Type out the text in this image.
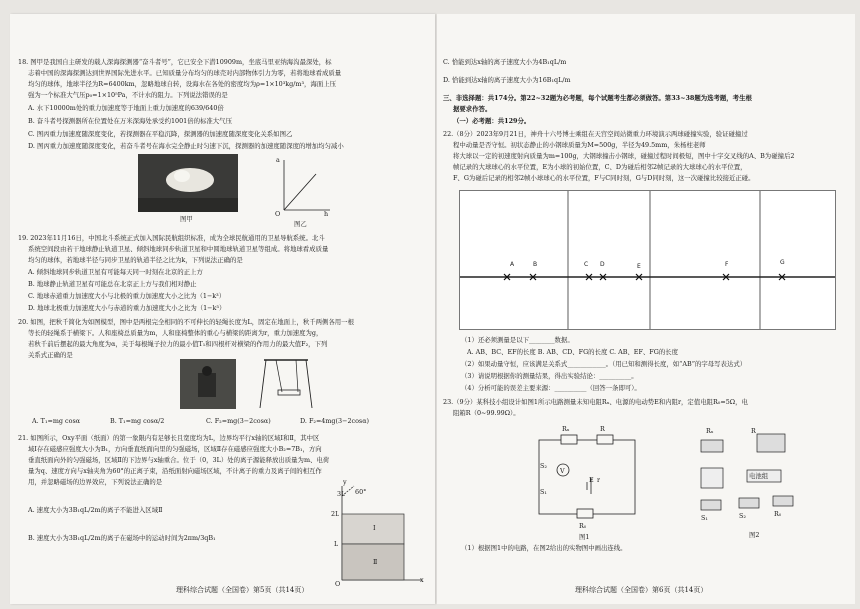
18. 图甲是我国自主研发的载人深海探测器“奋斗者号”，它已安全下潜10909m，坐底马里亚纳海沟最深处，标
志着中国的深海探测达到世界国际先进水平。已知质量分布均匀的球壳对内部物体引力为零，若将地球看成质量
均匀的球体，地球半径为R=6400km，忽略地球自转，设海水在各处的密度均为ρ=1×10³kg/m³，海面上压
强为一个标准大气压p₀=1×10⁵Pa，不计水的阻力。下列说法错误的是
A. 水下10000m处的重力加速度等于地面上重力加速度的639/640倍
B. 奋斗者号探测器所在位置处在万米深海处承受约1001倍的标准大气压
C. 图丙重力加速度随深度变化，若探测器在平稳沉降，探测器的加速度随深度变化关系如图乙
D. 图丙重力加速度随深度变化，若奋斗者号在海水完全静止时匀速下沉，探测器的加速度随深度的增加均匀减小
图甲
a
O	h
图乙
19. 2023年11月16日，中国北斗系统正式加入国际民航组织标准，成为全球民航通用的卫星导航系统。北斗
系统空间段由若干地球静止轨道卫星、倾斜地球同步轨道卫星和中圆地球轨道卫星等组成。将地球看成质量
均匀的球体，若地球半径与同步卫星的轨道半径之比为k，下列说法正确的是
A. 倾斜地球同步轨道卫星有可能每天同一时刻在北京的正上方
B. 地球静止轨道卫星有可能总在北京正上方与我们相对静止
C. 地球赤道重力加速度大小与北极的重力加速度大小之比为（1−k³）
D. 地球北极重力加速度大小与赤道的重力加速度大小之比为（1−k³）
20. 如图，把秋千简化为如图模型，图中是两根完全相同的不可伸长的轻绳长度为L，固定在地面上，秋千两侧各用一根
等长的轻绳系于横梁下。人和座椅总质量为m，人和座椅整体的重心与横梁的距离为r，重力加速度为g，
若秋千前后摆起的最大角度为α，关于每根绳子拉力的最小值T₁和四根杆对横梁的作用力的最大值F₂，下列
关系式正确的是
A. T₁=mg cosα	B. T₁=mg cosα/2	C. F₂=mg(3−2cosα)	D. F₂=4mg(3−2cosα)
21. 如图所示，Oxy平面（纸面）的第一象限内有足够长且宽度均为L，边界均平行x轴的区域Ⅰ和Ⅱ，其中区
域Ⅰ存在磁感应强度大小为B₁，方向垂直纸面向里的匀强磁场，区域Ⅱ存在磁感应强度大小B₂=7B₁，方向
垂直纸面向外的匀强磁场，区域Ⅱ的下边界与x轴重合。位于（0，3L）处的离子源能释放出质量为m、电荷
量为q、速度方向与x轴夹角为60°的正离子束，沿纸面射向磁场区域，不计离子的重力及离子间的相互作
用，并忽略磁场的边界效应，下列说法正确的是
A. 速度大小为3B₁qL/2m的离子不能进入区域Ⅱ
B. 速度大小为3B₁qL/2m的离子在磁场中的运动时间为2πm/3qB₁
3L 60°
2L
L
Ⅰ
Ⅱ
O	x
y
理科综合试题（全国卷）第5页（共14页）
C. 恰能到达x轴的离子速度大小为4B₁qL/m
D. 恰能到达x轴的离子速度大小为16B₁qL/m
三、非选择题：共174分。第22~32题为必考题，每个试题考生都必须做答。第33~38题为选考题，考生根
据要求作答。
（一）必考题：共129分。
22.（8分）2023年9月21日，神舟十六号博士乘组在天宫空间站微重力环境演示两球碰撞实验，验证碰撞过
程中动量是否守恒。初状态静止的小钢球质量为M=500g，半径为49.5mm，朱杨柱老师
将大球以一定的初速度射向质量为m=100g，大钢球撞击小钢球，碰撞过程时间极短，图中十字交叉线的A、B为碰撞后2
帧记录的大球球心的水平位置，E为小球的初始位置，C、D为碰后相邻2帧记录的大球球心的水平位置，
F、G为碰后记录的相邻2帧小球球心的水平位置，F与C同时刻，G与D同时刻，这一次碰撞比较接近正碰。
A	B	C D	E	F	G
（1）还必须测量是以下________数据。
A. AB、BC、EF的长度 B. AB、CD、FG的长度 C. AB、EF、FG的长度
（2）如果动量守恒，应该满足关系式____________。（用已知和测得长度，如“AB”的字母写表达式）
（3）请说明根据你的测量结果，得出实验结论：__________。
（4）分析可能的误差主要来源：__________（回答一条即可）。
23.（9分）某科技小组设计如图1所示电路测量未知电阻Rₓ、电源的电动势E和内阻r，定值电阻R₀=5Ω，电
阻箱R（0~99.99Ω）。
Rₓ	R
V
E r
S₁
S₂
R₀
图1
Rₓ	R
电池组
S₁	S₂	R₀
图2
（1）根据图1中的电路，在图2给出的实物图中画出连线。
理科综合试题（全国卷）第6页（共14页）
